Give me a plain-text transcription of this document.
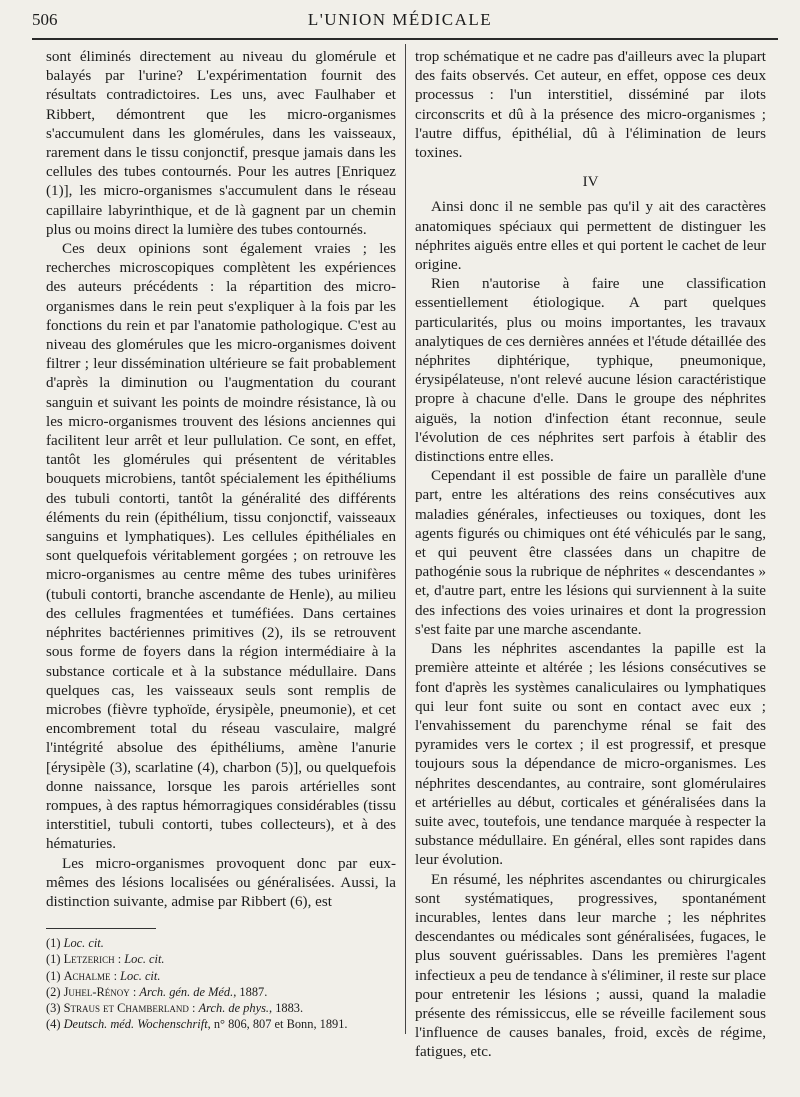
506	L'UNION MÉDICALE

sont éliminés directement au niveau du glomérule et balayés par l'urine? L'expérimentation fournit des résultats contradictoires. Les uns, avec Faulhaber et Ribbert, démontrent que les micro-organismes s'accumulent dans les glomérules, dans les vaisseaux, rarement dans le tissu conjonctif, presque jamais dans les cellules des tubes contournés. Pour les autres [Enriquez (1)], les micro-organismes s'accumulent dans le réseau capillaire labyrinthique, et de là gagnent par un chemin plus ou moins direct la lumière des tubes contournés.

Ces deux opinions sont également vraies ; les recherches microscopiques complètent les expériences des auteurs précédents : la répartition des micro-organismes dans le rein peut s'expliquer à la fois par les fonctions du rein et par l'anatomie pathologique. C'est au niveau des glomérules que les micro-organismes doivent filtrer ; leur dissémination ultérieure se fait probablement d'après la diminution ou l'augmentation du courant sanguin et suivant les points de moindre résistance, là ou les micro-organismes trouvent des lésions anciennes qui facilitent leur arrêt et leur pullulation. Ce sont, en effet, tantôt les glomérules qui présentent de véritables bouquets microbiens, tantôt spécialement les épithéliums des tubuli contorti, tantôt la généralité des différents éléments du rein (épithélium, tissu conjonctif, vaisseaux sanguins et lymphatiques). Les cellules épithéliales en sont quelquefois véritablement gorgées ; on retrouve les micro-organismes au centre même des tubes urinifères (tubuli contorti, branche ascendante de Henle), au milieu des cellules fragmentées et tuméfiées. Dans certaines néphrites bactériennes primitives (2), ils se retrouvent sous forme de foyers dans la région intermédiaire à la substance corticale et à la substance médullaire. Dans quelques cas, les vaisseaux seuls sont remplis de microbes (fièvre typhoïde, érysipèle, pneumonie), et cet encombrement total du réseau vasculaire, malgré l'intégrité absolue des épithéliums, amène l'anurie [érysipèle (3), scarlatine (4), charbon (5)], ou quelquefois donne naissance, lorsque les parois artérielles sont rompues, à des raptus hémorragiques considérables (tissu interstitiel, tubuli contorti, tubes collecteurs), et à des hématuries.

Les micro-organismes provoquent donc par eux-mêmes des lésions localisées ou généralisées. Aussi, la distinction suivante, admise par Ribbert (6), est

(1) Loc. cit.
(1) Letzerich : Loc. cit.
(1) Achalme : Loc. cit.
(2) Juhel-Rénoy : Arch. gén. de Méd., 1887.
(3) Straus et Chamberland : Arch. de phys., 1883.
(4) Deutsch. méd. Wochenschrift, n° 806, 807 et Bonn, 1891.

trop schématique et ne cadre pas d'ailleurs avec la plupart des faits observés. Cet auteur, en effet, oppose ces deux processus : l'un interstitiel, disséminé par ilots circonscrits et dû à la présence des micro-organismes ; l'autre diffus, épithélial, dû à l'élimination de leurs toxines.

IV

Ainsi donc il ne semble pas qu'il y ait des caractères anatomiques spéciaux qui permettent de distinguer les néphrites aiguës entre elles et qui portent le cachet de leur origine.

Rien n'autorise à faire une classification essentiellement étiologique. A part quelques particularités, plus ou moins importantes, les travaux analytiques de ces dernières années et l'étude détaillée des néphrites diphtérique, typhique, pneumonique, érysipélateuse, n'ont relevé aucune lésion caractéristique propre à chacune d'elle. Dans le groupe des néphrites aiguës, la notion d'infection étant reconnue, seule l'évolution de ces néphrites sert parfois à établir des distinctions entre elles.

Cependant il est possible de faire un parallèle d'une part, entre les altérations des reins consécutives aux maladies générales, infectieuses ou toxiques, dont les agents figurés ou chimiques ont été véhiculés par le sang, et qui peuvent être classées dans un chapitre de pathogénie sous la rubrique de néphrites « descendantes » et, d'autre part, entre les lésions qui surviennent à la suite des infections des voies urinaires et dont la progression s'est faite par une marche ascendante.

Dans les néphrites ascendantes la papille est la première atteinte et altérée ; les lésions consécutives se font d'après les systèmes canaliculaires ou lymphatiques qui leur font suite ou sont en contact avec eux ; l'envahissement du parenchyme rénal se fait des pyramides vers le cortex ; il est progressif, et presque toujours sous la dépendance de micro-organismes. Les néphrites descendantes, au contraire, sont glomérulaires et artérielles au début, corticales et généralisées dans la suite avec, toutefois, une tendance marquée à respecter la substance médullaire. En général, elles sont rapides dans leur évolution.

En résumé, les néphrites ascendantes ou chirurgicales sont systématiques, progressives, spontanément incurables, lentes dans leur marche ; les néphrites descendantes ou médicales sont généralisées, fugaces, le plus souvent guérissables. Dans les premières l'agent infectieux a peu de tendance à s'éliminer, il reste sur place pour entretenir les lésions ; aussi, quand la maladie présente des rémissiccus, elle se réveille facilement sous l'influence de causes banales, froid, excès de régime, fatigues, etc.
